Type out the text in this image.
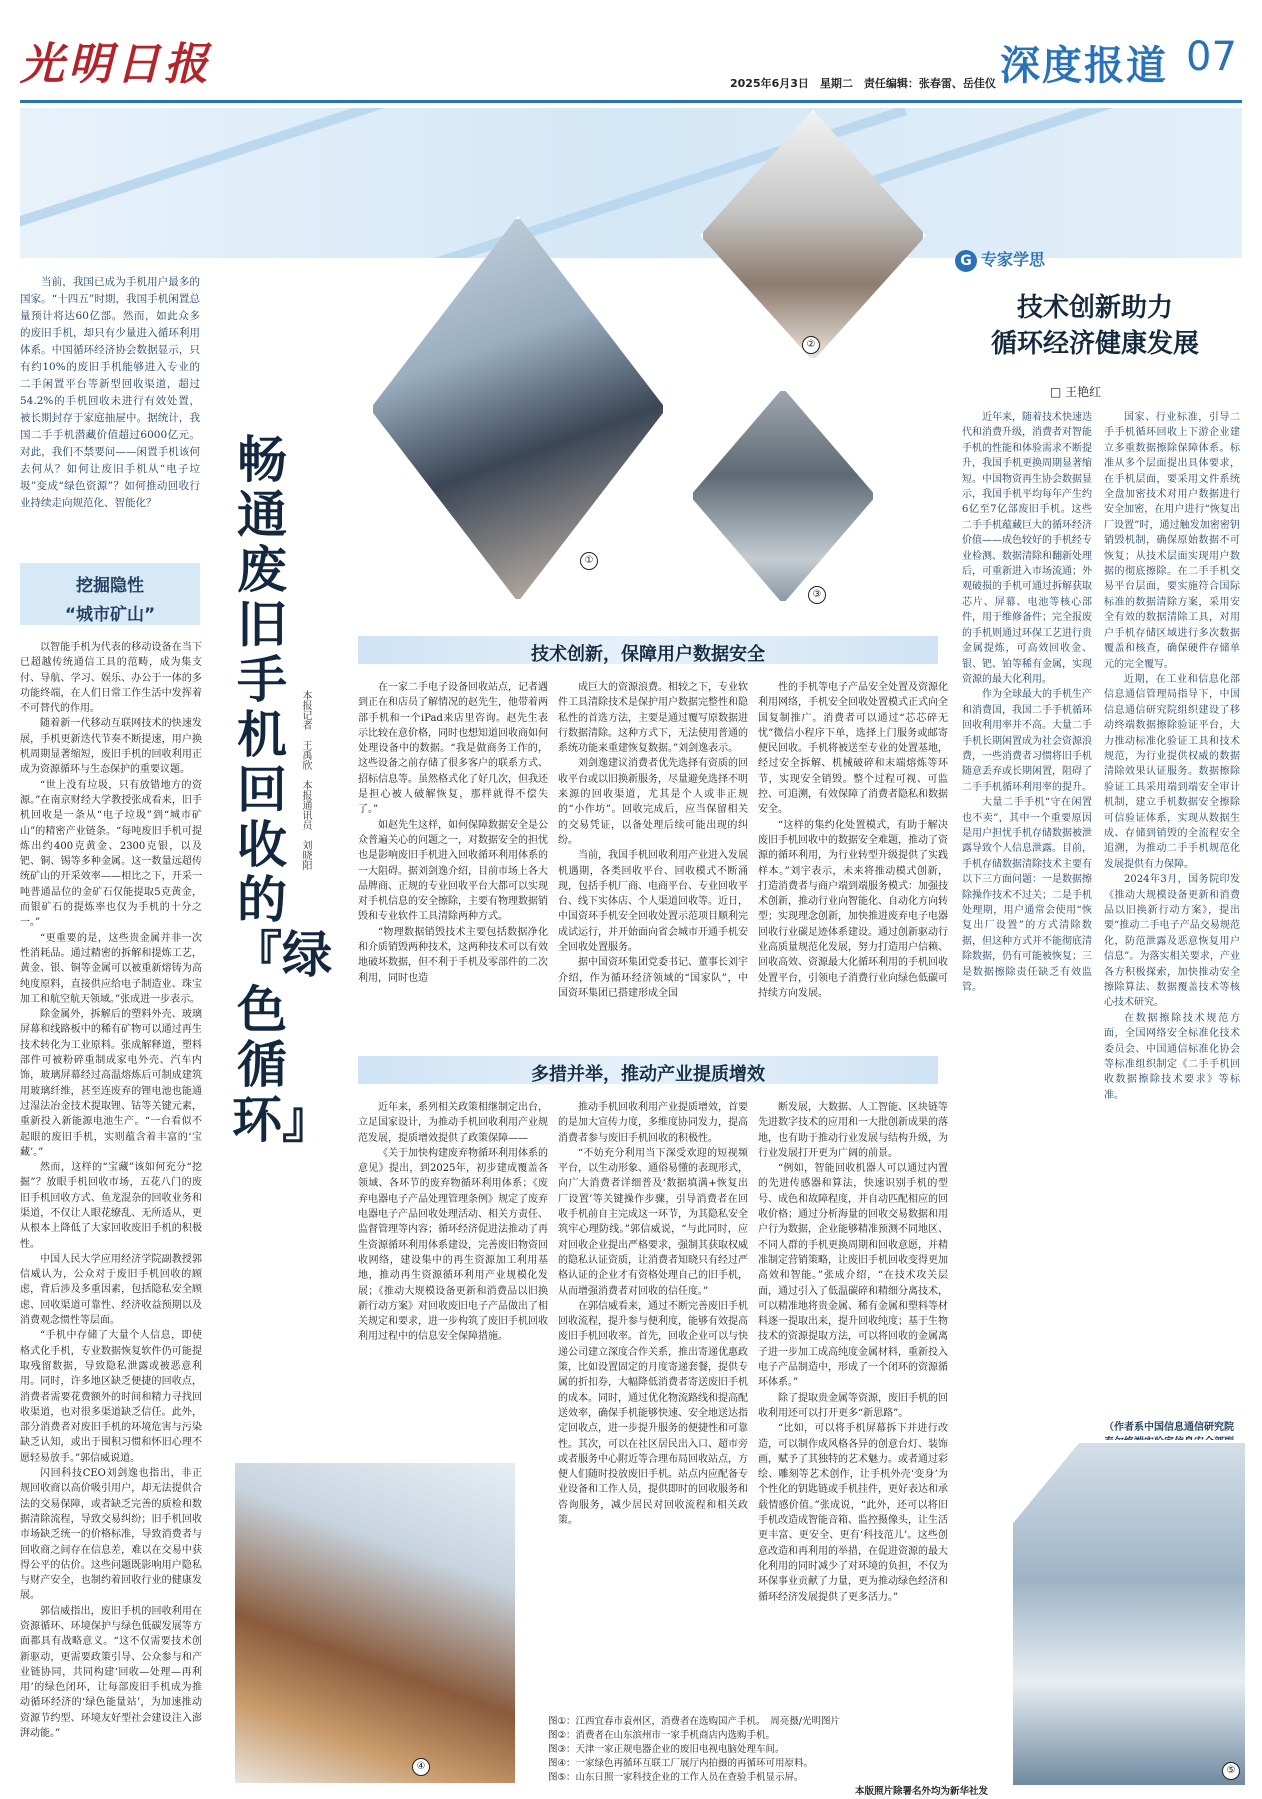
光明日报	2025年6月3日　星期二　责任编辑：张春雷、岳佳仪 深度报道 07
②
①
③

当前，我国已成为手机用户最多的国家。“十四五”时期，我国手机闲置总量预计将达60亿部。然而，如此众多的废旧手机，却只有少量进入循环利用体系。中国循环经济协会数据显示，只有约10%的废旧手机能够进入专业的二手闲置平台等新型回收渠道，超过54.2%的手机回收未进行有效处置，被长期封存于家庭抽屉中。据统计，我国二手手机潜藏价值超过6000亿元。对此，我们不禁要问——闲置手机该何去何从？如何让废旧手机从“电子垃圾”变成“绿色资源”？如何推动回收行业持续走向规范化、智能化？

挖掘隐性
“城市矿山”
畅通废旧手机回收的『绿色循环』
本报记者　王禹欣　本报通讯员　刘晓阳

以智能手机为代表的移动设备在当下已超越传统通信工具的范畴，成为集支付、导航、学习、娱乐、办公于一体的多功能终端，在人们日常工作生活中发挥着不可替代的作用。

随着新一代移动互联网技术的快速发展，手机更新迭代节奏不断提速，用户换机周期显著缩短，废旧手机的回收利用正成为资源循环与生态保护的重要议题。

“世上没有垃圾，只有放错地方的资源。”在南京财经大学教授张成看来，旧手机回收是一条从“电子垃圾”到“城市矿山”的精密产业链条。“每吨废旧手机可提炼出约400克黄金、2300克银，以及钯、铜、锡等多种金属。这一数量远超传统矿山的开采效率——相比之下，开采一吨普通品位的金矿石仅能提取5克黄金，而银矿石的提炼率也仅为手机的十分之一。”

“更重要的是，这些贵金属并非一次性消耗品。通过精密的拆解和提炼工艺，黄金、银、铜等金属可以被重新熔铸为高纯度原料，直接供应给电子制造业、珠宝加工和航空航天领域。”张成进一步表示。

除金属外，拆解后的塑料外壳、玻璃屏幕和线路板中的稀有矿物可以通过再生技术转化为工业原料。张成解释道，塑料部件可被粉碎重制成家电外壳、汽车内饰，玻璃屏幕经过高温熔炼后可制成建筑用玻璃纤维，甚至连废弃的锂电池也能通过湿法冶金技术提取锂、钴等关键元素，重新投入新能源电池生产。“一台看似不起眼的废旧手机，实则蕴含着丰富的‘宝藏’。”

然而，这样的“宝藏”该如何充分“挖掘”？放眼手机回收市场，五花八门的废旧手机回收方式、鱼龙混杂的回收业务和渠道，不仅让人眼花缭乱、无所适从，更从根本上降低了大家回收废旧手机的积极性。

中国人民大学应用经济学院副教授郭信威认为，公众对于废旧手机回收的顾虑，背后涉及多重因素，包括隐私安全顾虑、回收渠道可靠性、经济收益预期以及消费观念惯性等层面。

“手机中存储了大量个人信息，即使格式化手机，专业数据恢复软件仍可能提取残留数据，导致隐私泄露或被恶意利用。同时，许多地区缺乏便捷的回收点，消费者需要花费额外的时间和精力寻找回收渠道，也对很多渠道缺乏信任。此外，部分消费者对废旧手机的环境危害与污染缺乏认知，或出于囤积习惯和怀旧心理不愿轻易放手。”郭信威说道。

闪回科技CEO刘剑逸也指出，非正规回收商以高价吸引用户，却无法提供合法的交易保障，或者缺乏完善的质检和数据清除流程，导致交易纠纷；旧手机回收市场缺乏统一的价格标准，导致消费者与回收商之间存在信息差，难以在交易中获得公平的估价。这些问题既影响用户隐私与财产安全，也制约着回收行业的健康发展。

郭信威指出，废旧手机的回收利用在资源循环、环境保护与绿色低碳发展等方面都具有战略意义。“这不仅需要技术创新驱动，更需要政策引导、公众参与和产业链协同，共同构建‘回收—处理—再利用’的绿色闭环，让每部废旧手机成为推动循环经济的‘绿色能量站’，为加速推动资源节约型、环境友好型社会建设注入澎湃动能。”

技术创新，保障用户数据安全

在一家二手电子设备回收站点，记者遇到正在和店员了解情况的赵先生，他带着两部手机和一个iPad来店里咨询。赵先生表示比较在意价格，同时也想知道回收商如何处理设备中的数据。“我是做商务工作的，这些设备之前存储了很多客户的联系方式、招标信息等。虽然格式化了好几次，但我还是担心被人破解恢复，那样就得不偿失了。”

如赵先生这样，如何保障数据安全是公众普遍关心的问题之一，对数据安全的担忧也是影响废旧手机进入回收循环利用体系的一大阻碍。据刘剑逸介绍，目前市场上各大品牌商、正规的专业回收平台大都可以实现对手机信息的安全擦除，主要有物理数据销毁和专业软件工具清除两种方式。

“物理数据销毁技术主要包括数据净化和介质销毁两种技术，这两种技术可以有效地破坏数据，但不利于手机及零部件的二次利用，同时也造

成巨大的资源浪费。相较之下，专业软件工具清除技术是保护用户数据完整性和隐私性的首选方法，主要是通过覆写原数据进行数据清除。这种方式下，无法使用普通的系统功能来重建恢复数据。”刘剑逸表示。

刘剑逸建议消费者优先选择有资质的回收平台或以旧换新服务，尽量避免选择不明来源的回收渠道，尤其是个人或非正规的“小作坊”。回收完成后，应当保留相关的交易凭证，以备处理后续可能出现的纠纷。

当前，我国手机回收利用产业进入发展机遇期，各类回收平台、回收模式不断涌现，包括手机厂商、电商平台、专业回收平台、线下实体店、个人渠道回收等。近日，中国资环手机安全回收处置示范项目顺利完成试运行，并开始面向省会城市开通手机安全回收处置服务。

据中国资环集团党委书记、董事长刘宇介绍，作为循环经济领域的“国家队”，中国资环集团已搭建形成全国

性的手机等电子产品安全处置及资源化利用网络，手机安全回收处置模式正式向全国复制推广。消费者可以通过“芯芯碎无忧”微信小程序下单，选择上门服务或邮寄便民回收。手机将被送至专业的处置基地，经过安全拆解、机械破碎和末端熔炼等环节，实现安全销毁。整个过程可视、可监控、可追溯，有效保障了消费者隐私和数据安全。

“这样的集约化处置模式，有助于解决废旧手机回收中的数据安全难题，推动了资源的循环利用，为行业转型升级提供了实践样本。”刘宇表示，未来将推动模式创新，打造消费者与商户端到端服务模式：加强技术创新，推动行业向智能化、自动化方向转型；实现理念创新，加快推进废弃电子电器回收行业碳足迹体系建设。通过创新驱动行业高质量规范化发展，努力打造用户信赖、回收高效、资源最大化循环利用的手机回收处置平台，引领电子消费行业向绿色低碳可持续方向发展。

多措并举，推动产业提质增效

近年来，系列相关政策相继制定出台，立足国家设计，为推动手机回收利用产业规范发展，提质增效提供了政策保障——

《关于加快构建废弃物循环利用体系的意见》提出，到2025年，初步建成覆盖各领域、各环节的废弃物循环利用体系；《废弃电器电子产品处理管理条例》规定了废弃电器电子产品回收处理活动、相关方责任、监督管理等内容；循环经济促进法推动了再生资源循环利用体系建设，完善废旧物资回收网络，建设集中的再生资源加工利用基地，推动再生资源循环利用产业规模化发展；《推动大规模设备更新和消费品以旧换新行动方案》对回收废旧电子产品做出了相关规定和要求，进一步构筑了废旧手机回收利用过程中的信息安全保障措施。

推动手机回收利用产业提质增效，首要的是加大宣传力度，多维度协同发力，提高消费者参与废旧手机回收的积极性。

“不妨充分利用当下深受欢迎的短视频平台，以生动形象、通俗易懂的表现形式，向广大消费者详细普及‘数据填满+恢复出厂设置’等关键操作步骤，引导消费者在回收手机前自主完成这一环节，为其隐私安全筑牢心理防线。”郭信威说，“与此同时，应对回收企业提出严格要求，强制其获取权威的隐私认证资质，让消费者知晓只有经过严格认证的企业才有资格处理自己的旧手机，从而增强消费者对回收的信任度。”

在郭信威看来，通过不断完善废旧手机回收流程，提升参与便利度，能够有效提高废旧手机回收率。首先，回收企业可以与快递公司建立深度合作关系，推出寄递优惠政策，比如设置固定的月度寄递套餐，提供专属的折扣券，大幅降低消费者寄送废旧手机的成本。同时，通过优化物流路线和提高配送效率，确保手机能够快速、安全地送达指定回收点，进一步提升服务的便捷性和可靠性。其次，可以在社区居民出入口、超市旁或者服务中心附近等合理布局回收站点，方便人们随时投放废旧手机。站点内应配备专业设备和工作人员，提供即时的回收服务和咨询服务，减少居民对回收流程和相关政策。

断发展，大数据、人工智能、区块链等先进数字技术的应用和一大批创新成果的落地，也有助于推动行业发展与结构升级，为行业发展打开更为广阔的前景。

“例如，智能回收机器人可以通过内置的先进传感器和算法，快速识别手机的型号、成色和故障程度，并自动匹配相应的回收价格；通过分析海量的回收交易数据和用户行为数据，企业能够精准预测不同地区、不同人群的手机更换周期和回收意愿，并精准制定营销策略，让废旧手机回收变得更加高效和智能。”张成介绍，“在技术攻关层面，通过引入了低温碳碎和精细分离技术，可以精准地将贵金属、稀有金属和塑料等材料逐一提取出来，提升回收纯度；基于生物技术的资源提取方法，可以将回收的金属离子进一步加工成高纯度金属材料，重新投入电子产品制造中，形成了一个闭环的资源循环体系。”

除了提取贵金属等资源，废旧手机的回收利用还可以打开更多“新思路”。

“比如，可以将手机屏幕拆下并进行改造，可以制作成风格各异的创意台灯、装饰画，赋予了其独特的艺术魅力。或者通过彩绘、雕刻等艺术创作，让手机外壳‘变身’为个性化的钥匙链或手机挂件，更好表达和承载情感价值。”张成说，“此外，还可以将旧手机改造成智能音箱、监控摄像头，让生活更丰富、更安全、更有‘科技范儿’。这些创意改造和再利用的举措，在促进资源的最大化利用的同时减少了对环境的负担，不仅为环保事业贡献了力量，更为推动绿色经济和循环经济发展提供了更多活力。”

④
G 专家学思
技术创新助力
循环经济健康发展
□ 王艳红

近年来，随着技术快速迭代和消费升级，消费者对智能手机的性能和体验需求不断提升，我国手机更换周期显著缩短。中国物资再生协会数据显示，我国手机平均每年产生约6亿至7亿部废旧手机。这些二手手机蕴藏巨大的循环经济价值——成色较好的手机经专业检测、数据清除和翻新处理后，可重新进入市场流通；外观破损的手机可通过拆解获取芯片、屏幕、电池等核心部件，用于维修备件；完全报废的手机则通过环保工艺进行贵金属提炼，可高效回收金、银、钯、铂等稀有金属，实现资源的最大化利用。

作为全球最大的手机生产和消费国，我国二手手机循环回收利用率并不高。大量二手手机长期闲置成为社会资源浪费，一些消费者习惯将旧手机随意丢弃或长期闲置，阻碍了二手手机循环利用率的提升。

大量二手手机“守在闲置也不卖”，其中一个重要原因是用户担忧手机存储数据被泄露导致个人信息泄露。目前，手机存储数据清除技术主要有以下三方面问题：一是数据擦除操作技术不过关；二是手机处理期，用户通常会使用“恢复出厂设置”的方式清除数据，但这种方式并不能彻底清除数据，仍有可能被恢复；三是数据擦除责任缺乏有效监管。

国家、行业标准，引导二手手机循环回收上下游企业建立多重数据擦除保障体系。标准从多个层面提出具体要求，在手机层面，要采用文件系统全盘加密技术对用户数据进行安全加密，在用户进行“恢复出厂设置”时，通过触发加密密钥销毁机制，确保原始数据不可恢复；从技术层面实现用户数据的彻底擦除。在二手手机交易平台层面，要实施符合国际标准的数据清除方案，采用安全有效的数据清除工具，对用户手机存储区域进行多次数据覆盖和核查，确保硬件存储单元的完全覆写。

近期，在工业和信息化部信息通信管理局指导下，中国信息通信研究院组织建设了移动终端数据擦除验证平台，大力推动标准化验证工具和技术规范，为行业提供权威的数据清除效果认证服务。数据擦除验证工具采用端到端安全审计机制，建立手机数据安全擦除可信验证体系，实现从数据生成、存储到销毁的全流程安全追溯，为推动二手手机规范化发展提供有力保障。

2024年3月，国务院印发《推动大规模设备更新和消费品以旧换新行动方案》，提出要“推动二手电子产品交易规范化，防范泄露及恶意恢复用户信息”。为落实相关要求，产业各方积极探索，加快推动安全擦除算法、数据覆盖技术等核心技术研究。

在数据擦除技术规范方面，全国网络安全标准化技术委员会、中国通信标准化协会等标准组织制定《二手手机回收数据擦除技术要求》等标准。

（作者系中国信息通信研究院
⑤
图①：江西宜春市袁州区，消费者在选购国产手机。　周亮摄/光明图片
图②：消费者在山东滨州市一家手机商店内选购手机。
图③：天津一家正规电器企业的废旧电视电脑处理车间。
图④：一家绿色再循环互联工厂展厅内拍摄的再循环可用原料。
图⑤：山东日照一家科技企业的工作人员在查验手机显示屏。
本版照片除署名外均为新华社发
